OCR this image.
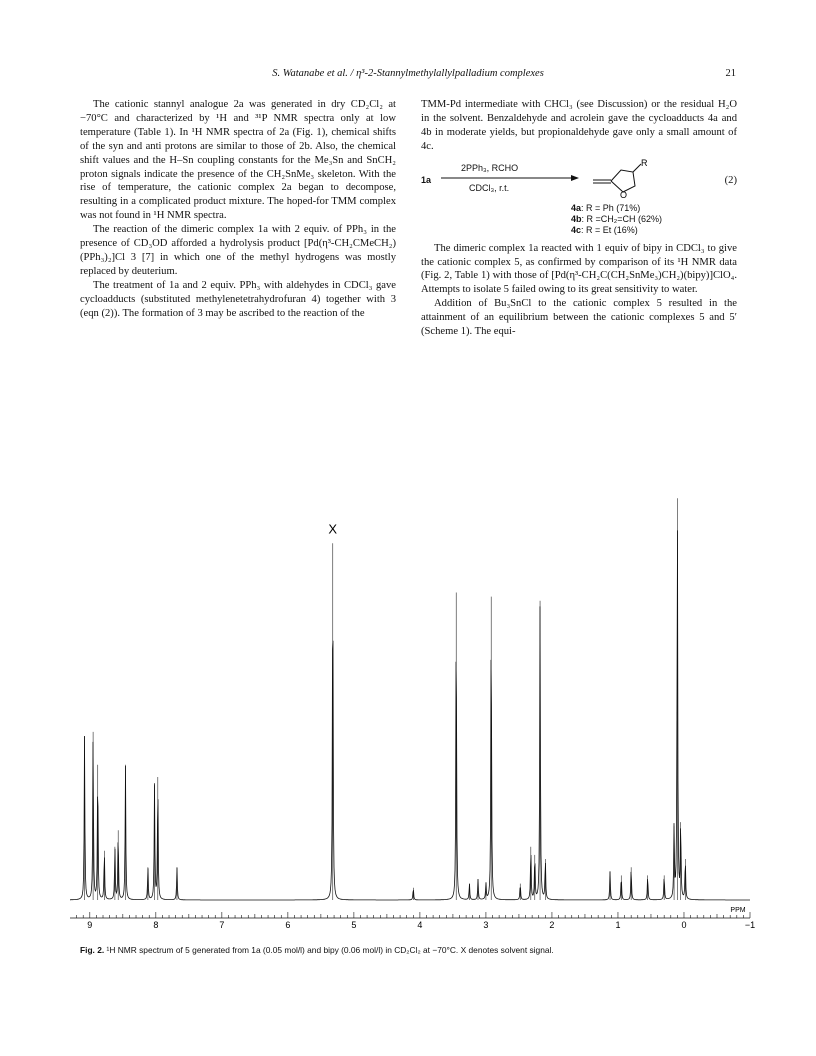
S. Watanabe et al. / η³-2-Stannylmethylallylpalladium complexes	21

The cationic stannyl analogue 2a was generated in dry CD₂Cl₂ at −70°C and characterized by ¹H and ³¹P NMR spectra only at low temperature (Table 1). In ¹H NMR spectra of 2a (Fig. 1), chemical shifts of the syn and anti protons are similar to those of 2b. Also, the chemical shift values and the H–Sn coupling constants for the Me₃Sn and SnCH₂ proton signals indicate the presence of the CH₂SnMe₃ skeleton. With the rise of temperature, the cationic complex 2a began to decompose, resulting in a complicated product mixture. The hoped-for TMM complex was not found in ¹H NMR spectra.

The reaction of the dimeric complex 1a with 2 equiv. of PPh₃ in the presence of CD₃OD afforded a hydrolysis product [Pd(η³-CH₂CMeCH₂)(PPh₃)₂]Cl 3 [7] in which one of the methyl hydrogens was mostly replaced by deuterium.

The treatment of 1a and 2 equiv. PPh₃ with aldehydes in CDCl₃ gave cycloadducts (substituted methylenetetrahydrofuran 4) together with 3 (eqn (2)). The formation of 3 may be ascribed to the reaction of the

TMM-Pd intermediate with CHCl₃ (see Discussion) or the residual H₂O in the solvent. Benzaldehyde and acrolein gave the cycloadducts 4a and 4b in moderate yields, but propionaldehyde gave only a small amount of 4c.

1a
2PPh₃, RCHO
CDCl₃, r.t.
R
O
(2)
4a: R = Ph (71%)
4b: R =CH₂=CH (62%)
4c: R = Et (16%)

The dimeric complex 1a reacted with 1 equiv of bipy in CDCl₃ to give the cationic complex 5, as confirmed by comparison of its ¹H NMR data (Fig. 2, Table 1) with those of [Pd(η³-CH₂C(CH₂SnMe₃)CH₂)(bipy)]ClO₄. Attempts to isolate 5 failed owing to its great sensitivity to water.

Addition of Bu₃SnCl to the cationic complex 5 resulted in the attainment of an equilibrium between the cationic complexes 5 and 5′ (Scheme 1). The equi-

9	8	7	6	5	4	3	2	1	0	−1
PPM
X
Fig. 2. ¹H NMR spectrum of 5 generated from 1a (0.05 mol/l) and bipy (0.06 mol/l) in CD₂Cl₂ at −70°C. X denotes solvent signal.
